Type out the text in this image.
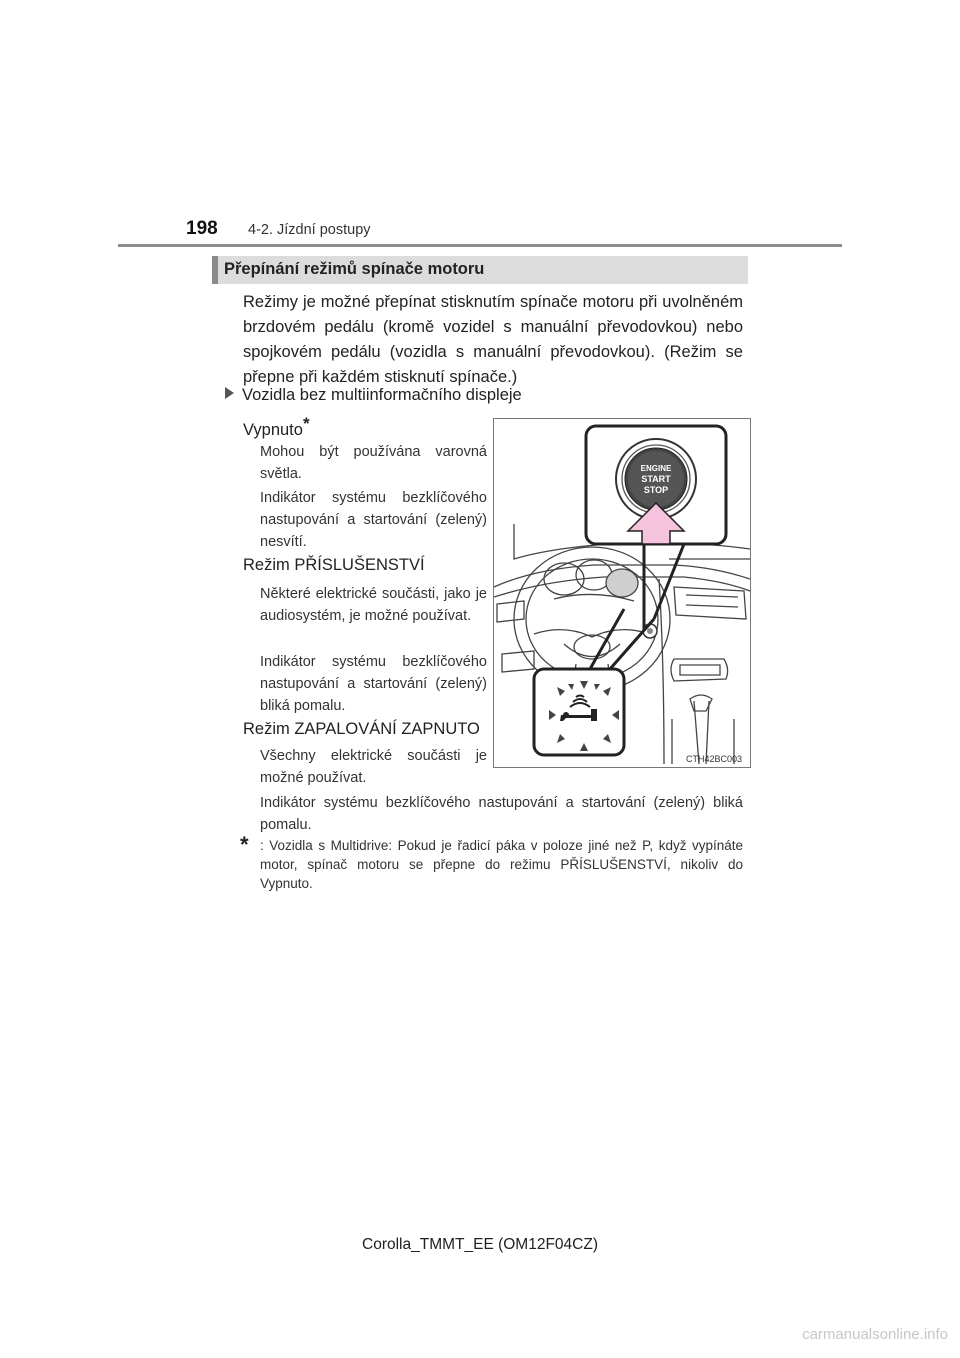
198 4-2. Jízdní postupy
Přepínání režimů spínače motoru
Režimy je možné přepínat stisknutím spínače motoru při uvolněném brzdovém pedálu (kromě vozidel s manuální převodovkou) nebo spojkovém pedálu (vozidla s manuální převodovkou). (Režim se přepne při každém stisknutí spínače.)
Vozidla bez multiinformačního displeje
Vypnuto*
Mohou být používána varovná světla.
Indikátor systému bezklíčového nastupování a startování (zelený) nesvítí.
Režim PŘÍSLUŠENSTVÍ
Některé elektrické součásti, jako je audiosystém, je možné používat.
Indikátor systému bezklíčového nastupování a startování (zelený) bliká pomalu.
Režim ZAPALOVÁNÍ ZAPNUTO
Všechny elektrické součásti je možné používat.
Indikátor systému bezklíčového nastupování a startování (zelený) bliká pomalu.
* : Vozidla s Multidrive: Pokud je řadicí páka v poloze jiné než P, když vypínáte motor, spínač motoru se přepne do režimu PŘÍSLUŠENSTVÍ, nikoliv do Vypnuto.
ENGINE
START
STOP
CTH42BC003
Corolla_TMMT_EE (OM12F04CZ)
carmanualsonline.info
